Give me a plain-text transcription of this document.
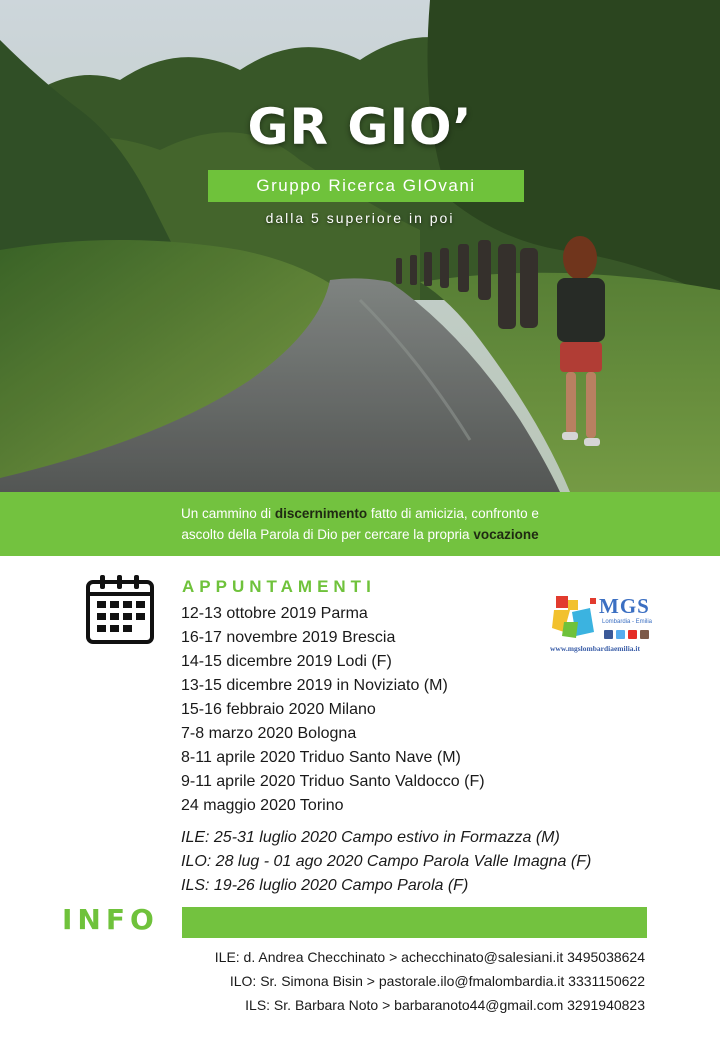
GR GIO’
Gruppo Ricerca GIOvani
dalla 5 superiore in poi
Un cammino di discernimento fatto di amicizia, confronto e
ascolto della Parola di Dio per cercare la propria vocazione
APPUNTAMENTI
12-13 ottobre 2019 Parma
16-17 novembre 2019 Brescia
14-15 dicembre 2019 Lodi (F)
13-15 dicembre 2019 in Noviziato (M)
15-16 febbraio 2020 Milano
7-8 marzo 2020 Bologna
8-11 aprile 2020 Triduo Santo Nave (M)
9-11 aprile 2020 Triduo Santo Valdocco (F)
24 maggio 2020 Torino
ILE: 25-31 luglio 2020 Campo estivo in Formazza (M)
ILO: 28 lug - 01 ago 2020 Campo Parola Valle Imagna (F)
ILS: 19-26 luglio 2020 Campo Parola (F)
MGS
Lombardia - Emilia
www.mgslombardiaemilia.it
INFO
ILE: d. Andrea Checchinato > achecchinato@salesiani.it 3495038624
ILO: Sr. Simona Bisin > pastorale.ilo@fmalombardia.it 3331150622
ILS: Sr. Barbara Noto > barbaranoto44@gmail.com 3291940823
